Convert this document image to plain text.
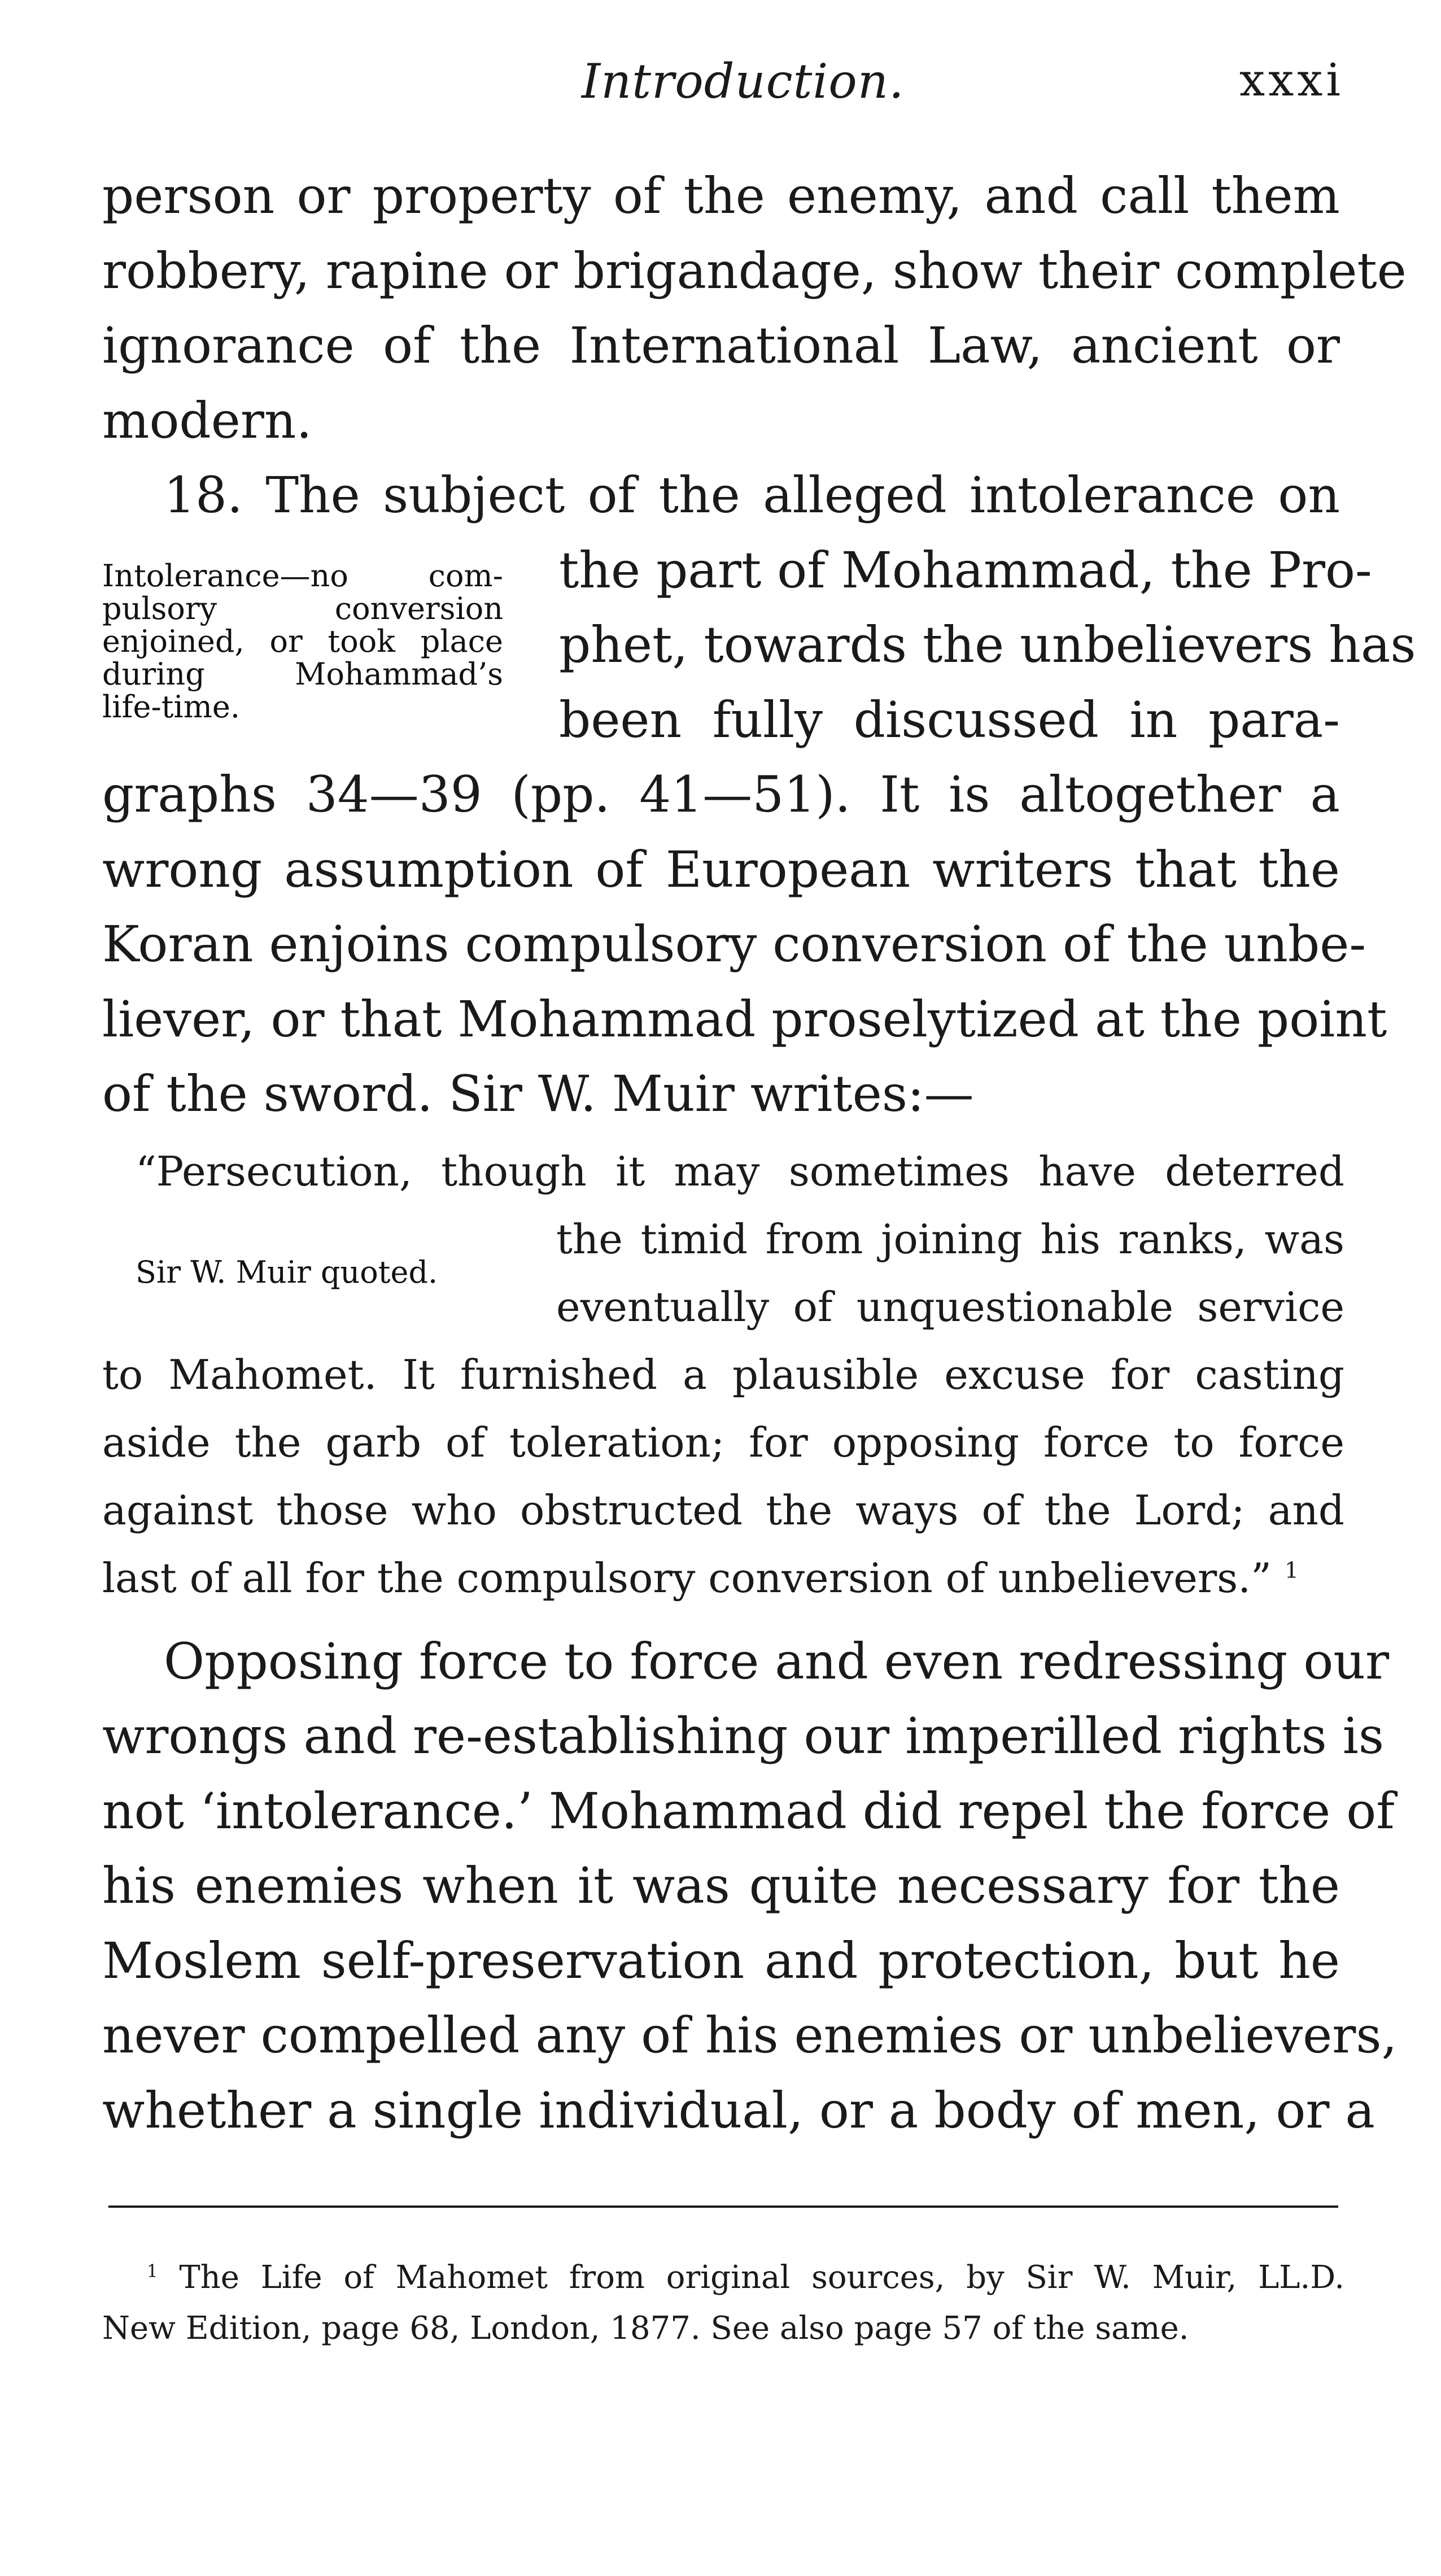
Introduction.	xxxi
person or property of the enemy, and call them
robbery, rapine or brigandage, show their complete
ignorance of the International Law, ancient or
modern.
18. The subject of the alleged intolerance on
the part of Mohammad, the Pro-
phet, towards the unbelievers has
been fully discussed in para-
Intolerance—no com-
pulsory conversion
enjoined, or took place
during Mohammad’s
life-time.
graphs 34—39 (pp. 41—51). It is altogether a
wrong assumption of European writers that the
Koran enjoins compulsory conversion of the unbe-
liever, or that Mohammad proselytized at the point
of the sword. Sir W. Muir writes:—
“Persecution, though it may sometimes have deterred
the timid from joining his ranks, was
eventually of unquestionable service
Sir W. Muir quoted.
to Mahomet. It furnished a plausible excuse for casting
aside the garb of toleration; for opposing force to force
against those who obstructed the ways of the Lord; and
last of all for the compulsory conversion of unbelievers.” $^1$
Opposing force to force and even redressing our
wrongs and re-establishing our imperilled rights is
not ‘intolerance.’ Mohammad did repel the force of
his enemies when it was quite necessary for the
Moslem self-preservation and protection, but he
never compelled any of his enemies or unbelievers,
whether a single individual, or a body of men, or a
$^1$ The Life of Mahomet from original sources, by Sir W. Muir, LL.D.
New Edition, page 68, London, 1877. See also page 57 of the same.
